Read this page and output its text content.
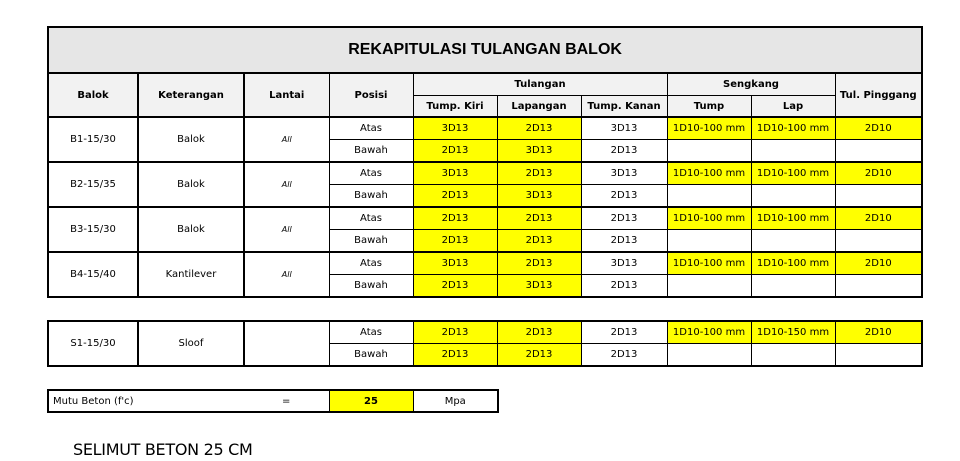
REKAPITULASI TULANGAN BALOK									
Balok	Keterangan	Lantai	Posisi	Tulangan			Sengkang		Tul. Pinggang
				Tump. Kiri	Lapangan	Tump. Kanan	Tump	Lap	
B1-15/30	Balok	All	Atas	3D13	2D13	3D13	1D10-100 mm	1D10-100 mm	2D10
			Bawah	2D13	3D13	2D13			
B2-15/35	Balok	All	Atas	3D13	2D13	3D13	1D10-100 mm	1D10-100 mm	2D10
			Bawah	2D13	3D13	2D13			
B3-15/30	Balok	All	Atas	2D13	2D13	2D13	1D10-100 mm	1D10-100 mm	2D10
			Bawah	2D13	2D13	2D13			
B4-15/40	Kantilever	All	Atas	3D13	2D13	3D13	1D10-100 mm	1D10-100 mm	2D10
			Bawah	2D13	3D13	2D13			
S1-15/30	Sloof		Atas	2D13	2D13	2D13	1D10-100 mm	1D10-150 mm	2D10
			Bawah	2D13	2D13	2D13			
Mutu Beton (f'c)	=	25	Mpa
SELIMUT BETON 25 CM
